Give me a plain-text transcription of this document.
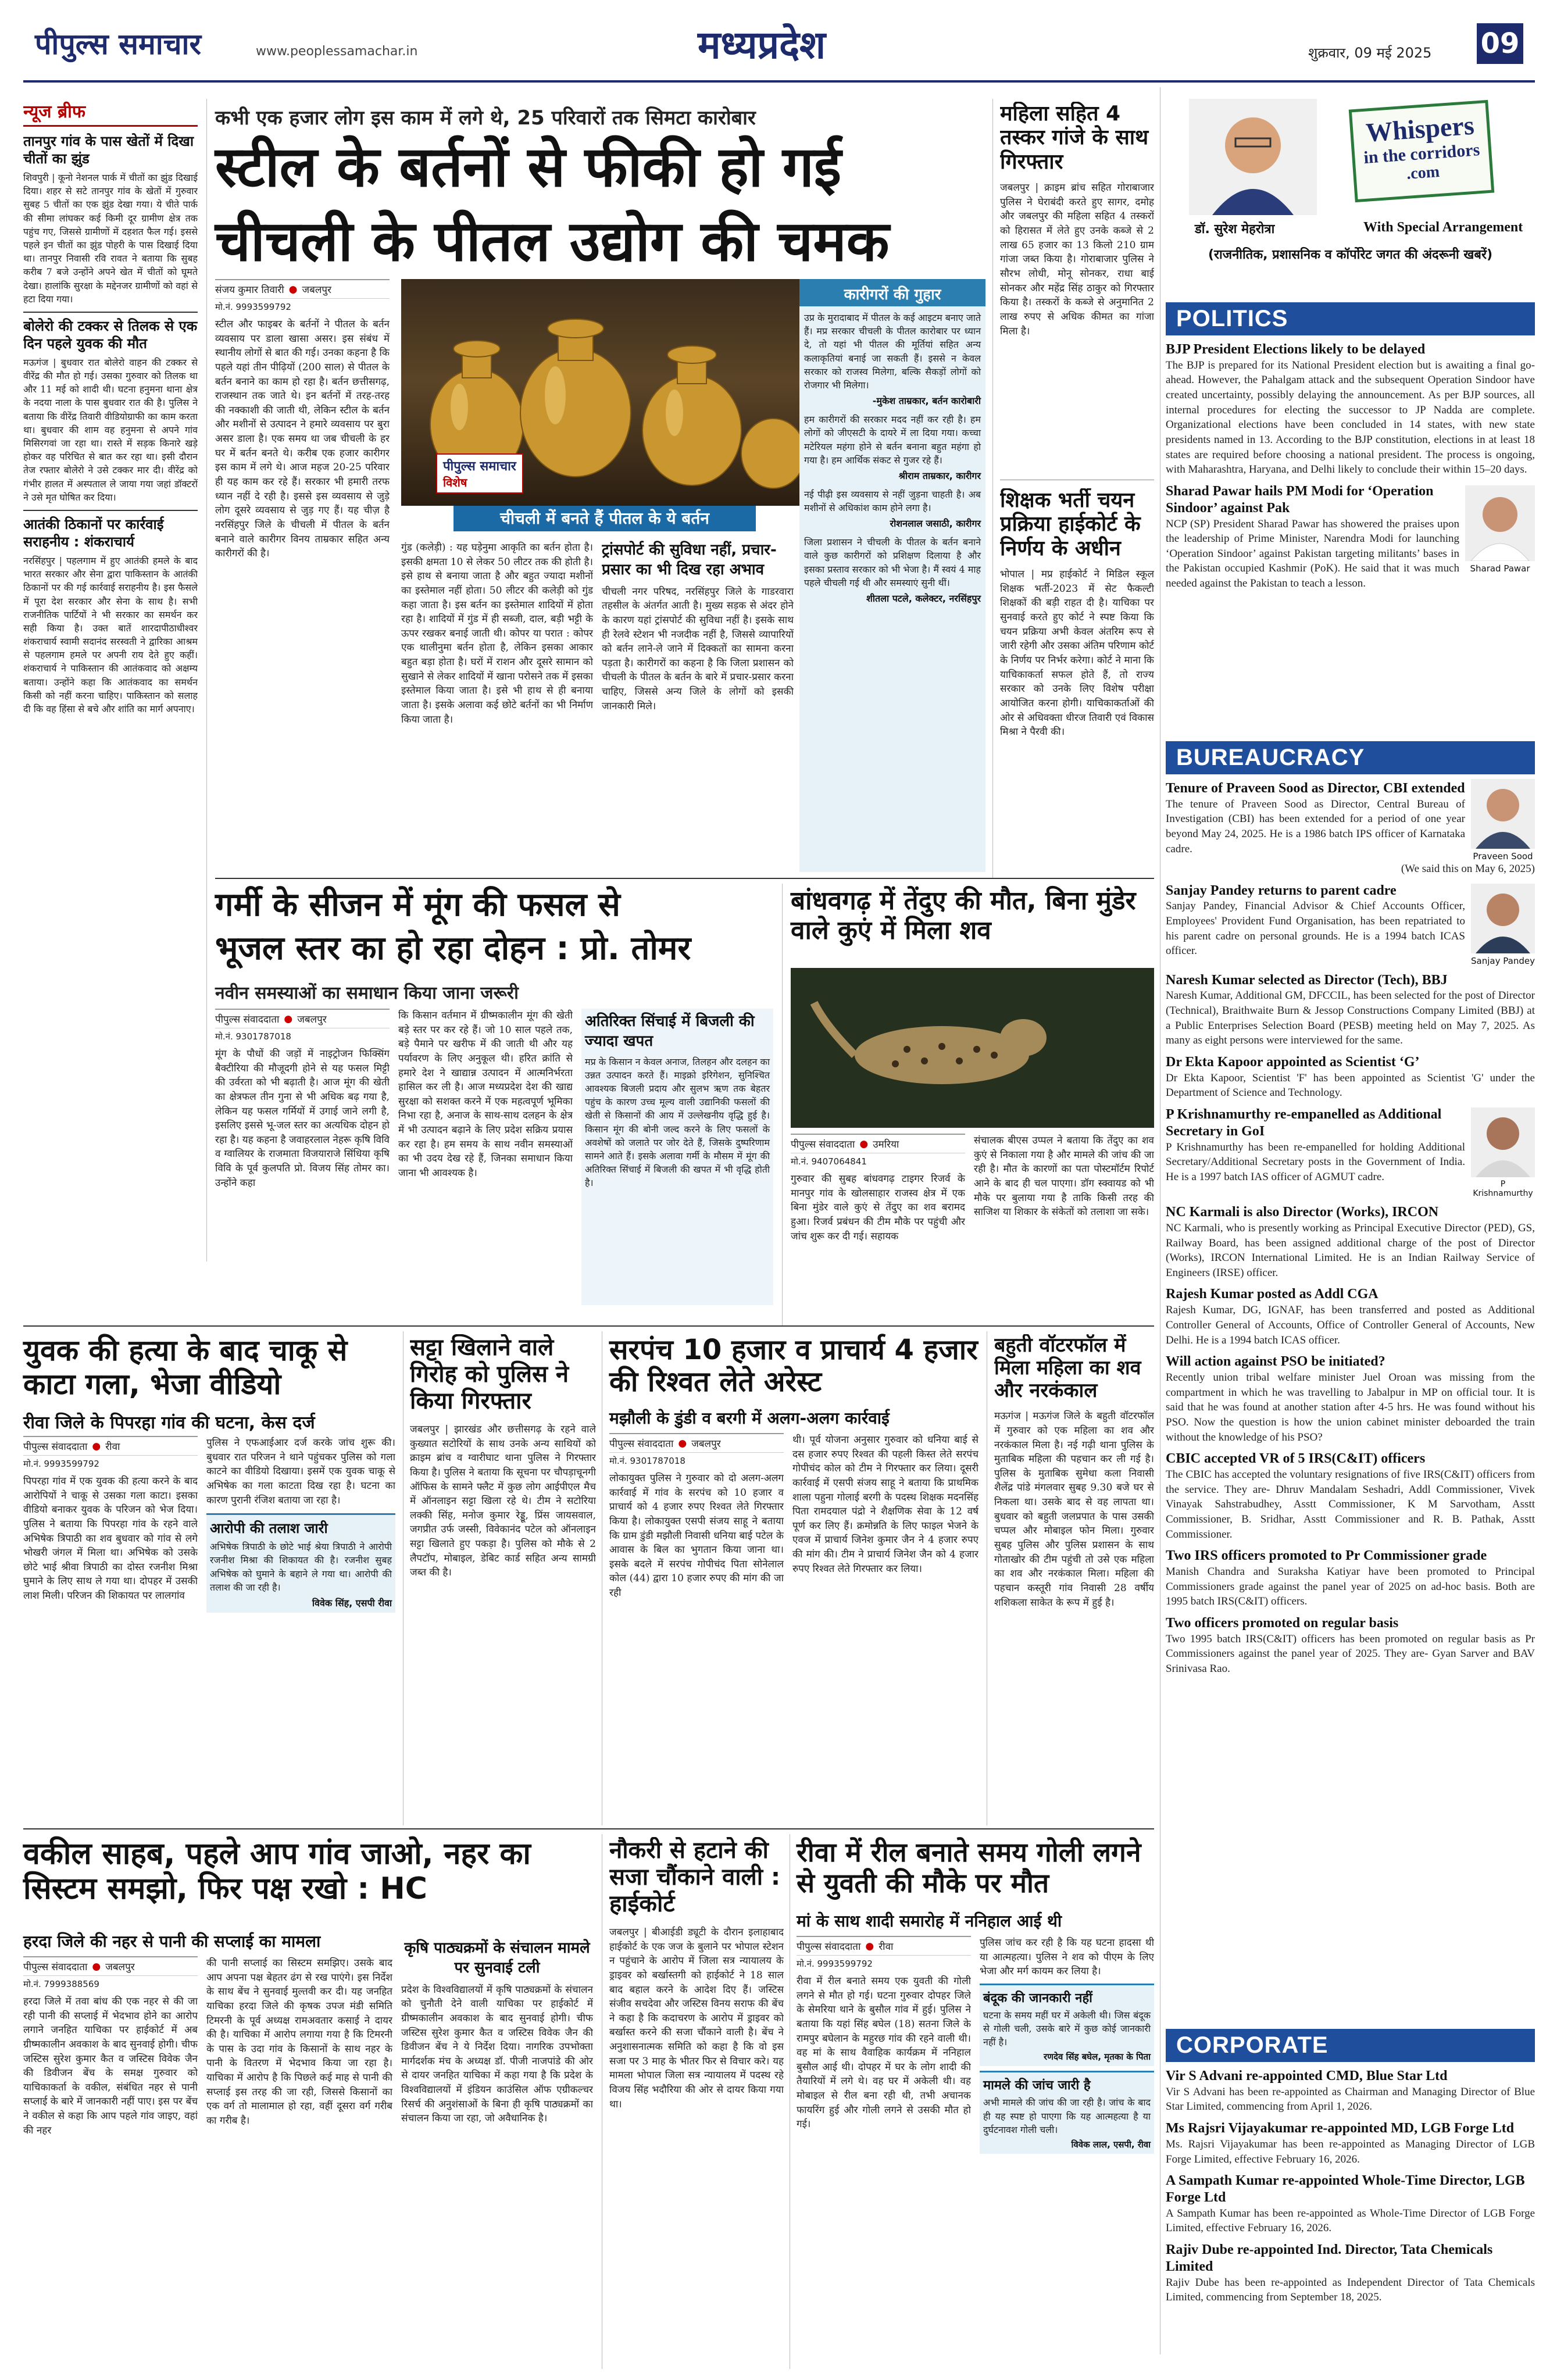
पीपुल्स समाचार	www.peoplessamachar.in	मध्यप्रदेश	शुक्रवार, 09 मई 2025 09
न्यूज ब्रीफ
तानपुर गांव के पास खेतों में दिखा चीतों का झुंड
शिवपुरी | कूनो नेशनल पार्क में चीतों का झुंड दिखाई दिया। शहर से सटे तानपुर गांव के खेतों में गुरुवार सुबह 5 चीतों का एक झुंड देखा गया। ये चीते पार्क की सीमा लांघकर कई किमी दूर ग्रामीण क्षेत्र तक पहुंच गए, जिससे ग्रामीणों में दहशत फैल गई। इससे पहले इन चीतों का झुंड पोहरी के पास दिखाई दिया था। तानपुर निवासी रवि रावत ने बताया कि सुबह करीब 7 बजे उन्होंने अपने खेत में चीतों को घूमते देखा। हालांकि सुरक्षा के मद्देनजर ग्रामीणों को वहां से हटा दिया गया।
बोलेरो की टक्कर से तिलक से एक दिन पहले युवक की मौत
मऊगंज | बुधवार रात बोलेरो वाहन की टक्कर से वीरेंद्र की मौत हो गई। उसका गुरुवार को तिलक था और 11 मई को शादी थी। घटना हनुमना थाना क्षेत्र के नदया नाला के पास बुधवार रात की है। पुलिस ने बताया कि वीरेंद्र तिवारी वीडियोग्राफी का काम करता था। बुधवार की शाम वह हनुमना से अपने गांव मिसिरगवां जा रहा था। रास्ते में सड़क किनारे खड़े होकर वह परिचित से बात कर रहा था। इसी दौरान तेज रफ्तार बोलेरो ने उसे टक्कर मार दी। वीरेंद्र को गंभीर हालत में अस्पताल ले जाया गया जहां डॉक्टरों ने उसे मृत घोषित कर दिया।
आतंकी ठिकानों पर कार्रवाई सराहनीय : शंकराचार्य
नरसिंहपुर | पहलगाम में हुए आतंकी हमले के बाद भारत सरकार और सेना द्वारा पाकिस्तान के आतंकी ठिकानों पर की गई कार्रवाई सराहनीय है। इस फैसले में पूरा देश सरकार और सेना के साथ है। सभी राजनीतिक पार्टियों ने भी सरकार का समर्थन कर सही किया है। उक्त बातें शारदापीठाधीश्वर शंकराचार्य स्वामी सदानंद सरस्वती ने द्वारिका आश्रम से पहलगाम हमले पर अपनी राय देते हुए कहीं। शंकराचार्य ने पाकिस्तान की आतंकवाद को अक्षम्य बताया। उन्होंने कहा कि आतंकवाद का समर्थन किसी को नहीं करना चाहिए। पाकिस्तान को सलाह दी कि वह हिंसा से बचे और शांति का मार्ग अपनाए।
कभी एक हजार लोग इस काम में लगे थे, 25 परिवारों तक सिमटा कारोबार
स्टील के बर्तनों से फीकी हो गई
चीचली के पीतल उद्योग की चमक
संजय कुमार तिवारी ● जबलपुर
मो.नं. 9993599792
स्टील और फाइबर के बर्तनों ने पीतल के बर्तन व्यवसाय पर डाला खासा असर। इस संबंध में स्थानीय लोगों से बात की गई। उनका कहना है कि पहले यहां तीन पीढ़ियों (200 साल) से पीतल के बर्तन बनाने का काम हो रहा है। बर्तन छत्तीसगढ़, राजस्थान तक जाते थे। इन बर्तनों में तरह-तरह की नक्काशी की जाती थी, लेकिन स्टील के बर्तन और मशीनों से उत्पादन ने हमारे व्यवसाय पर बुरा असर डाला है। एक समय था जब चीचली के हर घर में बर्तन बनते थे। करीब एक हजार कारीगर इस काम में लगे थे। आज महज 20-25 परिवार ही यह काम कर रहे हैं। सरकार भी हमारी तरफ ध्यान नहीं दे रही है। इससे इस व्यवसाय से जुड़े लोग दूसरे व्यवसाय से जुड़ गए हैं। यह चीज़ है नरसिंहपुर जिले के चीचली में पीतल के बर्तन बनाने वाले कारीगर विनय ताम्रकार सहित अन्य कारीगरों की है।
पीपुल्स समाचार
विशेष
चीचली में बनते हैं पीतल के ये बर्तन
गुंड (कलेड़ी) : यह घड़ेनुमा आकृति का बर्तन होता है। इसकी क्षमता 10 से लेकर 50 लीटर तक की होती है। इसे हाथ से बनाया जाता है और बहुत ज्यादा मशीनों का इस्तेमाल नहीं होता। 50 लीटर की कलेड़ी को गुंड कहा जाता है। इस बर्तन का इस्तेमाल शादियों में होता रहा है। शादियों में गुंड में ही सब्जी, दाल, बड़ी भट्टी के ऊपर रखकर बनाई जाती थी। कोपर या परात : कोपर एक थालीनुमा बर्तन होता है, लेकिन इसका आकार बहुत बड़ा होता है। घरों में राशन और दूसरे सामान को सुखाने से लेकर शादियों में खाना परोसने तक में इसका इस्तेमाल किया जाता है। इसे भी हाथ से ही बनाया जाता है। इसके अलावा कई छोटे बर्तनों का भी निर्माण किया जाता है।
ट्रांसपोर्ट की सुविधा नहीं, प्रचार-प्रसार का भी दिख रहा अभाव
चीचली नगर परिषद, नरसिंहपुर जिले के गाडरवारा तहसील के अंतर्गत आती है। मुख्य सड़क से अंदर होने के कारण यहां ट्रांसपोर्ट की सुविधा नहीं है। इसके साथ ही रेलवे स्टेशन भी नजदीक नहीं है, जिससे व्यापारियों को बर्तन लाने-ले जाने में दिक्कतों का सामना करना पड़ता है। कारीगरों का कहना है कि जिला प्रशासन को चीचली के पीतल के बर्तन के बारे में प्रचार-प्रसार करना चाहिए, जिससे अन्य जिले के लोगों को इसकी जानकारी मिले।
कारीगरों की गुहार
उप्र के मुरादाबाद में पीतल के कई आइटम बनाए जाते हैं। मप्र सरकार चीचली के पीतल कारोबार पर ध्यान दे, तो यहां भी पीतल की मूर्तियां सहित अन्य कलाकृतियां बनाई जा सकती हैं। इससे न केवल सरकार को राजस्व मिलेगा, बल्कि सैकड़ों लोगों को रोजगार भी मिलेगा।
-मुकेश ताम्रकार, बर्तन कारोबारी
हम कारीगरों की सरकार मदद नहीं कर रही है। हम लोगों को जीएसटी के दायरे में ला दिया गया। कच्चा मटेरियल महंगा होने से बर्तन बनाना बहुत महंगा हो गया है। हम आर्थिक संकट से गुजर रहे हैं।
श्रीराम ताम्रकार, कारीगर
नई पीढ़ी इस व्यवसाय से नहीं जुड़ना चाहती है। अब मशीनों से अधिकांश काम होने लगा है।
रोशनलाल जसाठी, कारीगर
जिला प्रशासन ने चीचली के पीतल के बर्तन बनाने वाले कुछ कारीगरों को प्रशिक्षण दिलाया है और इसका प्रस्ताव सरकार को भी भेजा है। मैं स्वयं 4 माह पहले चीचली गई थी और समस्याएं सुनी थीं।
शीतला पटले, कलेक्टर, नरसिंहपुर
महिला सहित 4 तस्कर गांजे के साथ गिरफ्तार
जबलपुर | क्राइम ब्रांच सहित गोराबाजार पुलिस ने घेराबंदी करते हुए सागर, दमोह और जबलपुर की महिला सहित 4 तस्करों को हिरासत में लेते हुए उनके कब्जे से 2 लाख 65 हजार का 13 किलो 210 ग्राम गांजा जब्त किया है। गोराबाजार पुलिस ने सौरभ लोधी, मोनू सोनकर, राधा बाई सोनकर और महेंद्र सिंह ठाकुर को गिरफ्तार किया है। तस्करों के कब्जे से अनुमानित 2 लाख रुपए से अधिक कीमत का गांजा मिला है।
शिक्षक भर्ती चयन प्रक्रिया हाईकोर्ट के निर्णय के अधीन
भोपाल | मप्र हाईकोर्ट ने मिडिल स्कूल शिक्षक भर्ती-2023 में सेट फैकल्टी शिक्षकों की बड़ी राहत दी है। याचिका पर सुनवाई करते हुए कोर्ट ने स्पष्ट किया कि चयन प्रक्रिया अभी केवल अंतरिम रूप से जारी रहेगी और उसका अंतिम परिणाम कोर्ट के निर्णय पर निर्भर करेगा। कोर्ट ने माना कि याचिकाकर्ता सफल होते हैं, तो राज्य सरकार को उनके लिए विशेष परीक्षा आयोजित करना होगी। याचिकाकर्ताओं की ओर से अधिवक्ता धीरज तिवारी एवं विकास मिश्रा ने पैरवी की।
Whispers
in the corridors
.com
डॉ. सुरेश मेहरोत्रा	With Special Arrangement
(राजनीतिक, प्रशासनिक व कॉर्पोरेट जगत की अंदरूनी खबरें)
POLITICS
BJP President Elections likely to be delayed
The BJP is prepared for its National President election but is awaiting a final go-ahead. However, the Pahalgam attack and the subsequent Operation Sindoor have created uncertainty, possibly delaying the announcement. As per BJP sources, all internal procedures for electing the successor to JP Nadda are complete. Organizational elections have been concluded in 14 states, with new state presidents named in 13. According to the BJP constitution, elections in at least 18 states are required before choosing a national president. The process is ongoing, with Maharashtra, Haryana, and Delhi likely to conclude their within 15–20 days.
Sharad Pawar hails PM Modi for ‘Operation Sindoor’ against Pak
NCP (SP) President Sharad Pawar has showered the praises upon the leadership of Prime Minister, Narendra Modi for launching ‘Operation Sindoor’ against Pakistan targeting militants’ bases in the Pakistan occupied Kashmir (PoK). He said that it was much needed against the Pakistan to teach a lesson.
Sharad Pawar
BUREAUCRACY
Tenure of Praveen Sood as Director, CBI extended
The tenure of Praveen Sood as Director, Central Bureau of Investigation (CBI) has been extended for a period of one year beyond May 24, 2025. He is a 1986 batch IPS officer of Karnataka cadre.
Praveen Sood
(We said this on May 6, 2025)
Sanjay Pandey returns to parent cadre
Sanjay Pandey, Financial Advisor & Chief Accounts Officer, Employees' Provident Fund Organisation, has been repatriated to his parent cadre on personal grounds. He is a 1994 batch ICAS officer.
Sanjay Pandey
Naresh Kumar selected as Director (Tech), BBJ
Naresh Kumar, Additional GM, DFCCIL, has been selected for the post of Director (Technical), Braithwaite Burn & Jessop Constructions Company Limited (BBJ) at a Public Enterprises Selection Board (PESB) meeting held on May 7, 2025. As many as eight persons were interviewed for the same.
Dr Ekta Kapoor appointed as Scientist ‘G’
Dr Ekta Kapoor, Scientist 'F' has been appointed as Scientist 'G' under the Department of Science and Technology.
P Krishnamurthy re-empanelled as Additional Secretary in GoI
P Krishnamurthy has been re-empanelled for holding Additional Secretary/Additional Secretary posts in the Government of India. He is a 1997 batch IAS officer of AGMUT cadre.
P Krishnamurthy
NC Karmali is also Director (Works), IRCON
NC Karmali, who is presently working as Principal Executive Director (PED), GS, Railway Board, has been assigned additional charge of the post of Director (Works), IRCON International Limited. He is an Indian Railway Service of Engineers (IRSE) officer.
Rajesh Kumar posted as Addl CGA
Rajesh Kumar, DG, IGNAF, has been transferred and posted as Additional Controller General of Accounts, Office of Controller General of Accounts, New Delhi. He is a 1994 batch ICAS officer.
Will action against PSO be initiated?
Recently union tribal welfare minister Juel Oroan was missing from the compartment in which he was travelling to Jabalpur in MP on official tour. It is said that he was found at another station after 4-5 hrs. He was found without his PSO. Now the question is how the union cabinet minister deboarded the train without the knowledge of his PSO?
CBIC accepted VR of 5 IRS(C&IT) officers
The CBIC has accepted the voluntary resignations of five IRS(C&IT) officers from the service. They are- Dhruv Mandalam Seshadri, Addl Commissioner, Vivek Vinayak Sahstrabudhey, Asstt Commissioner, K M Sarvotham, Asstt Commissioner, B. Sridhar, Asstt Commissioner and R. B. Pathak, Asstt Commissioner.
Two IRS officers promoted to Pr Commissioner grade
Manish Chandra and Suraksha Katiyar have been promoted to Principal Commissioners grade against the panel year of 2025 on ad-hoc basis. Both are 1995 batch IRS(C&IT) officers.
Two officers promoted on regular basis
Two 1995 batch IRS(C&IT) officers has been promoted on regular basis as Pr Commissioners against the panel year of 2025. They are- Gyan Sarver and BAV Srinivasa Rao.
CORPORATE
Vir S Advani re-appointed CMD, Blue Star Ltd
Vir S Advani has been re-appointed as Chairman and Managing Director of Blue Star Limited, commencing from April 1, 2026.
Ms Rajsri Vijayakumar re-appointed MD, LGB Forge Ltd
Ms. Rajsri Vijayakumar has been re-appointed as Managing Director of LGB Forge Limited, effective February 16, 2026.
A Sampath Kumar re-appointed Whole-Time Director, LGB Forge Ltd
A Sampath Kumar has been re-appointed as Whole-Time Director of LGB Forge Limited, effective February 16, 2026.
Rajiv Dube re-appointed Ind. Director, Tata Chemicals Limited
Rajiv Dube has been re-appointed as Independent Director of Tata Chemicals Limited, commencing from September 18, 2025.
गर्मी के सीजन में मूंग की फसल से
भूजल स्तर का हो रहा दोहन : प्रो. तोमर
नवीन समस्याओं का समाधान किया जाना जरूरी
पीपुल्स संवाददाता ● जबलपुर
मो.नं. 9301787018
मूंग के पौधों की जड़ों में नाइट्रोजन फिक्सिंग बैक्टीरिया की मौजूदगी होने से यह फसल मिट्टी की उर्वरता को भी बढ़ाती है। आज मूंग की खेती का क्षेत्रफल तीन गुना से भी अधिक बढ़ गया है, लेकिन यह फसल गर्मियों में उगाई जाने लगी है, इसलिए इससे भू-जल स्तर का अत्यधिक दोहन हो रहा है। यह कहना है जवाहरलाल नेहरू कृषि विवि व ग्वालियर के राजमाता विजयाराजे सिंधिया कृषि विवि के पूर्व कुलपति प्रो. विजय सिंह तोमर का। उन्होंने कहा
कि किसान वर्तमान में ग्रीष्मकालीन मूंग की खेती बड़े स्तर पर कर रहे हैं। जो 10 साल पहले तक, बड़े पैमाने पर खरीफ में की जाती थी और यह पर्यावरण के लिए अनुकूल थी। हरित क्रांति से हमारे देश ने खाद्यान्न उत्पादन में आत्मनिर्भरता हासिल कर ली है। आज मध्यप्रदेश देश की खाद्य सुरक्षा को सशक्त करने में एक महत्वपूर्ण भूमिका निभा रहा है, अनाज के साथ-साथ दलहन के क्षेत्र में भी उत्पादन बढ़ाने के लिए प्रदेश सक्रिय प्रयास कर रहा है। हम समय के साथ नवीन समस्याओं का भी उदय देख रहे हैं, जिनका समाधान किया जाना भी आवश्यक है।
अतिरिक्त सिंचाई में बिजली की ज्यादा खपत
मप्र के किसान न केवल अनाज, तिलहन और दलहन का उन्नत उत्पादन करते हैं। माइक्रो इरिगेशन, सुनिश्चित आवश्यक बिजली प्रदाय और सुलभ ऋण तक बेहतर पहुंच के कारण उच्च मूल्य वाली उद्यानिकी फसलों की खेती से किसानों की आय में उल्लेखनीय वृद्धि हुई है। किसान मूंग की बोनी जल्द करने के लिए फसलों के अवशेषों को जलाते पर जोर देते हैं, जिसके दुष्परिणाम सामने आते हैं। इसके अलावा गर्मी के मौसम में मूंग की अतिरिक्त सिंचाई में बिजली की खपत में भी वृद्धि होती है।
बांधवगढ़ में तेंदुए की मौत, बिना मुंडेर वाले कुएं में मिला शव
पीपुल्स संवाददाता ● उमरिया
मो.नं. 9407064841
गुरुवार की सुबह बांधवगढ़ टाइगर रिजर्व के मानपुर गांव के खोलसाहार राजस्व क्षेत्र में एक बिना मुंडेर वाले कुएं से तेंदुए का शव बरामद हुआ। रिजर्व प्रबंधन की टीम मौके पर पहुंची और जांच शुरू कर दी गई। सहायक
संचालक बीएस उप्पल ने बताया कि तेंदुए का शव कुएं से निकाला गया है और मामले की जांच की जा रही है। मौत के कारणों का पता पोस्टमॉर्टम रिपोर्ट आने के बाद ही चल पाएगा। डॉग स्क्वायड को भी मौके पर बुलाया गया है ताकि किसी तरह की साजिश या शिकार के संकेतों को तलाशा जा सके।
युवक की हत्या के बाद चाकू से काटा गला, भेजा वीडियो
रीवा जिले के पिपरहा गांव की घटना, केस दर्ज
पीपुल्स संवाददाता ● रीवा
मो.नं. 9993599792
पिपरहा गांव में एक युवक की हत्या करने के बाद आरोपियों ने चाकू से उसका गला काटा। इसका वीडियो बनाकर युवक के परिजन को भेज दिया। पुलिस ने बताया कि पिपरहा गांव के रहने वाले अभिषेक त्रिपाठी का शव बुधवार को गांव से लगे भोखरी जंगल में मिला था। अभिषेक को उसके छोटे भाई श्रीवा त्रिपाठी का दोस्त रजनीश मिश्रा घुमाने के लिए साथ ले गया था। दोपहर में उसकी लाश मिली। परिजन की शिकायत पर लालगांव
पुलिस ने एफआईआर दर्ज करके जांच शुरू की। बुधवार रात परिजन ने थाने पहुंचकर पुलिस को गला काटने का वीडियो दिखाया। इसमें एक युवक चाकू से अभिषेक का गला काटता दिख रहा है। घटना का कारण पुरानी रंजिश बताया जा रहा है।
आरोपी की तलाश जारी
अभिषेक त्रिपाठी के छोटे भाई श्रेया त्रिपाठी ने आरोपी रजनीश मिश्रा की शिकायत की है। रजनीश सुबह अभिषेक को घुमाने के बहाने ले गया था। आरोपी की तलाश की जा रही है।
विवेक सिंह, एसपी रीवा
सट्टा खिलाने वाले गिरोह को पुलिस ने किया गिरफ्तार
जबलपुर | झारखंड और छत्तीसगढ़ के रहने वाले कुख्यात सटोरियों के साथ उनके अन्य साथियों को क्राइम ब्रांच व ग्वारीघाट थाना पुलिस ने गिरफ्तार किया है। पुलिस ने बताया कि सूचना पर चौपड़ाचूनगी ऑफिस के सामने फ्लैट में कुछ लोग आईपीएल मैच में ऑनलाइन सट्टा खिला रहे थे। टीम ने सटोरिया लक्की सिंह, मनोज कुमार रेड्डू, प्रिंस जायसवाल, जगप्रीत उर्फ जस्सी, विवेकानंद पटेल को ऑनलाइन सट्टा खिलाते हुए पकड़ा है। पुलिस को मौके से 2 लैपटॉप, मोबाइल, डेबिट कार्ड सहित अन्य सामग्री जब्त की है।
सरपंच 10 हजार व प्राचार्य 4 हजार की रिश्वत लेते अरेस्ट
मझौली के डुंडी व बरगी में अलग-अलग कार्रवाई
पीपुल्स संवाददाता ● जबलपुर
मो.नं. 9301787018
लोकायुक्त पुलिस ने गुरुवार को दो अलग-अलग कार्रवाई में गांव के सरपंच को 10 हजार व प्राचार्य को 4 हजार रुपए रिश्वत लेते गिरफ्तार किया है। लोकायुक्त एसपी संजय साहू ने बताया कि ग्राम डुंडी मझौली निवासी धनिया बाई पटेल के आवास के बिल का भुगतान किया जाना था। इसके बदले में सरपंच गोपीचंद पिता सोनेलाल कोल (44) द्वारा 10 हजार रुपए की मांग की जा रही
थी। पूर्व योजना अनुसार गुरुवार को धनिया बाई से दस हजार रुपए रिश्वत की पहली किस्त लेते सरपंच गोपीचंद कोल को टीम ने गिरफ्तार कर लिया। दूसरी कार्रवाई में एसपी संजय साहू ने बताया कि प्राथमिक शाला पहुना गोलाई बरगी के पदस्थ शिक्षक मदनसिंह पिता रामदयाल पंद्रो ने शैक्षणिक सेवा के 12 वर्ष पूर्ण कर लिए हैं। क्रमोन्नति के लिए फाइल भेजने के एवज में प्राचार्य जिनेश कुमार जैन ने 4 हजार रुपए की मांग की। टीम ने प्राचार्य जिनेश जैन को 4 हजार रुपए रिश्वत लेते गिरफ्तार कर लिया।
बहुती वॉटरफॉल में मिला महिला का शव और नरकंकाल
मऊगंज | मऊगंज जिले के बहुती वॉटरफॉल में गुरुवार को एक महिला का शव और नरकंकाल मिला है। नई गढ़ी थाना पुलिस के मुताबिक महिला की पहचान कर ली गई है। पुलिस के मुताबिक सुमेधा कला निवासी शैलेंद्र पांडे मंगलवार सुबह 9.30 बजे घर से निकला था। उसके बाद से वह लापता था। बुधवार को बहुती जलप्रपात के पास उसकी चप्पल और मोबाइल फोन मिला। गुरुवार सुबह पुलिस और पुलिस प्रशासन के साथ गोताखोर की टीम पहुंची तो उसे एक महिला का शव और नरकंकाल मिला। महिला की पहचान कस्तूरी गांव निवासी 28 वर्षीय शशिकला साकेत के रूप में हुई है।
वकील साहब, पहले आप गांव जाओ, नहर का सिस्टम समझो, फिर पक्ष रखो : HC
हरदा जिले की नहर से पानी की सप्लाई का मामला
पीपुल्स संवाददाता ● जबलपुर
मो.नं. 7999388569
हरदा जिले में तवा बांध की एक नहर से की जा रही पानी की सप्लाई में भेदभाव होने का आरोप लगाने जनहित याचिका पर हाईकोर्ट में अब ग्रीष्मकालीन अवकाश के बाद सुनवाई होगी। चीफ जस्टिस सुरेश कुमार कैत व जस्टिस विवेक जैन की डिवीजन बेंच के समक्ष गुरुवार को याचिकाकर्ता के वकील, संबंधित नहर से पानी सप्लाई के बारे में जानकारी नहीं पाए। इस पर बेंच ने वकील से कहा कि आप पहले गांव जाइए, वहां की नहर
की पानी सप्लाई का सिस्टम समझिए। उसके बाद आप अपना पक्ष बेहतर ढंग से रख पाएंगे। इस निर्देश के साथ बेंच ने सुनवाई मुल्तवी कर दी। यह जनहित याचिका हरदा जिले की कृषक उपज मंडी समिति टिमरनी के पूर्व अध्यक्ष रामअवतार कसाई ने दायर की है। याचिका में आरोप लगाया गया है कि टिमरनी के पास के उदा गांव के किसानों के साथ नहर के पानी के वितरण में भेदभाव किया जा रहा है। याचिका में आरोप है कि पिछले कई माह से पानी की सप्लाई इस तरह की जा रही, जिससे किसानों का एक वर्ग तो मालामाल हो रहा, वहीं दूसरा वर्ग गरीब का गरीब है।
कृषि पाठ्यक्रमों के संचालन मामले पर सुनवाई टली
प्रदेश के विश्वविद्यालयों में कृषि पाठ्यक्रमों के संचालन को चुनौती देने वाली याचिका पर हाईकोर्ट में ग्रीष्मकालीन अवकाश के बाद सुनवाई होगी। चीफ जस्टिस सुरेश कुमार कैत व जस्टिस विवेक जैन की डिवीजन बेंच ने ये निर्देश दिया। नागरिक उपभोक्ता मार्गदर्शक मंच के अध्यक्ष डॉ. पीजी नाजपांडे की ओर से दायर जनहित याचिका में कहा गया है कि प्रदेश के विश्वविद्यालयों में इंडियन काउंसिल ऑफ एग्रीकल्चर रिसर्च की अनुशंसाओं के बिना ही कृषि पाठ्यक्रमों का संचालन किया जा रहा, जो अवैधानिक है।
नौकरी से हटाने की सजा चौंकाने वाली : हाईकोर्ट
जबलपुर | बीआईडी ड्यूटी के दौरान इलाहाबाद हाईकोर्ट के एक जज के बुलाने पर भोपाल स्टेशन न पहुंचाने के आरोप में जिला सत्र न्यायालय के ड्राइवर को बर्खास्तगी को हाईकोर्ट ने 18 साल बाद बहाल करने के आदेश दिए हैं। जस्टिस संजीव सचदेवा और जस्टिस विनय सराफ की बेंच ने कहा है कि कदाचरण के आरोप में ड्राइवर को बर्खास्त करने की सजा चौंकाने वाली है। बेंच ने अनुशासनात्मक समिति को कहा है कि वो इस सजा पर 3 माह के भीतर फिर से विचार करे। यह मामला भोपाल जिला सत्र न्यायालय में पदस्थ रहे विजय सिंह भदौरिया की ओर से दायर किया गया था।
रीवा में रील बनाते समय गोली लगने से युवती की मौके पर मौत
मां के साथ शादी समारोह में ननिहाल आई थी
पीपुल्स संवाददाता ● रीवा
मो.नं. 9993599792
रीवा में रील बनाते समय एक युवती की गोली लगने से मौत हो गई। घटना गुरुवार दोपहर जिले के सेमरिया थाने के बुसौल गांव में हुई। पुलिस ने बताया कि यहां सिंह बघेल (18) सतना जिले के रामपुर बघेलान के महुरछ गांव की रहने वाली थी। वह मां के साथ वैवाहिक कार्यक्रम में ननिहाल बुसौल आई थी। दोपहर में घर के लोग शादी की तैयारियों में लगे थे। वह घर में अकेली थी। वह मोबाइल से रील बना रही थी, तभी अचानक फायरिंग हुई और गोली लगने से उसकी मौत हो गई।
पुलिस जांच कर रही है कि यह घटना हादसा थी या आत्महत्या। पुलिस ने शव को पीएम के लिए भेजा और मर्ग कायम कर लिया है।
बंदूक की जानकारी नहीं
घटना के समय महीं घर में अकेली थी। जिस बंदूक से गोली चली, उसके बारे में कुछ कोई जानकारी नहीं है।
रणदेव सिंह बघेल, मृतका के पिता
मामले की जांच जारी है
अभी मामले की जांच की जा रही है। जांच के बाद ही यह स्पष्ट हो पाएगा कि यह आत्महत्या है या दुर्घटनावश गोली चली।
विवेक लाल, एसपी, रीवा
